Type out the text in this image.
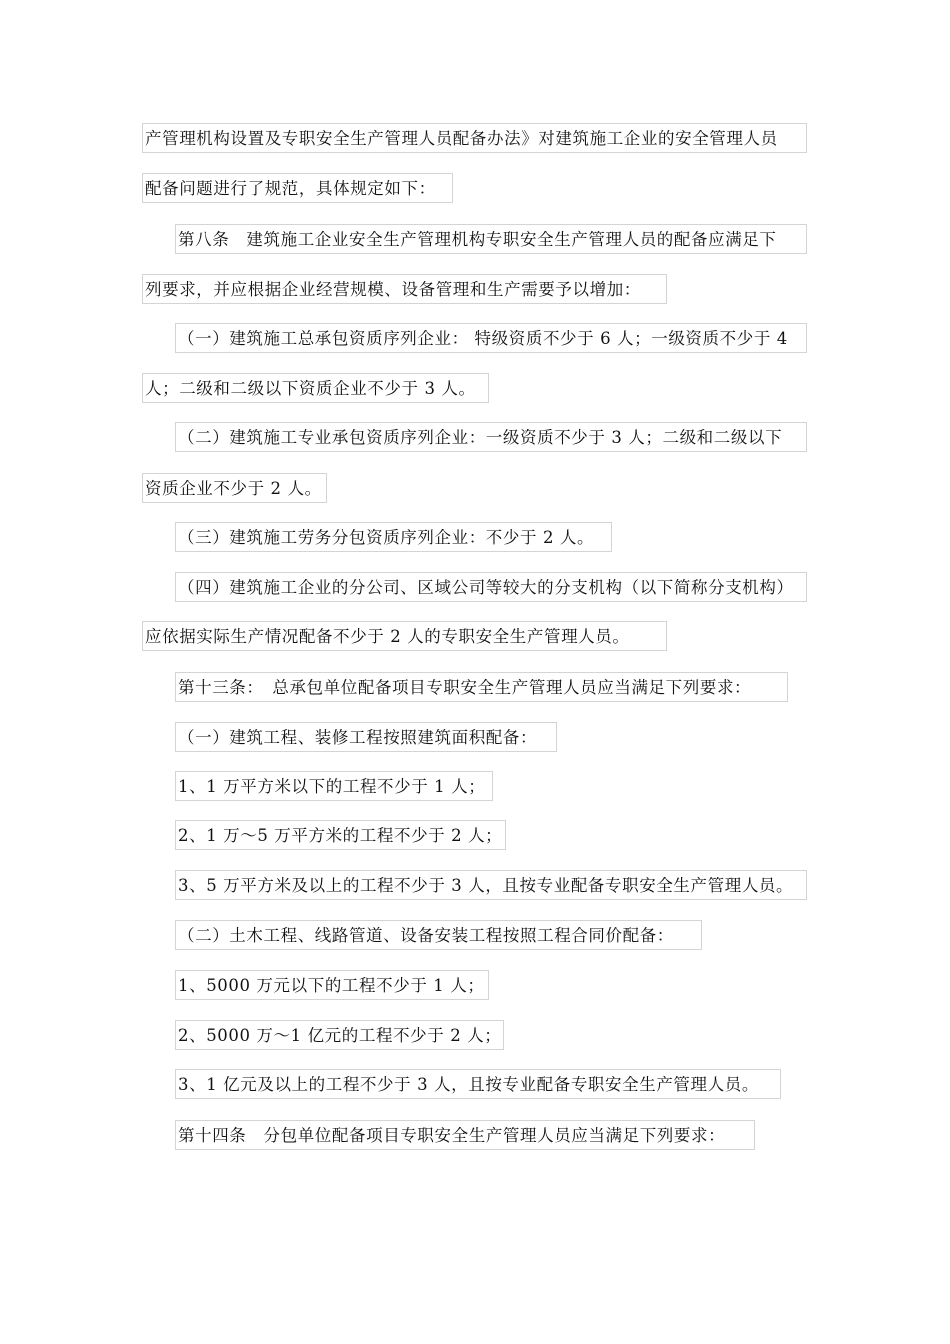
产管理机构设置及专职安全生产管理人员配备办法》对建筑施工企业的安全管理人员
配备问题进行了规范，具体规定如下：
第八条　建筑施工企业安全生产管理机构专职安全生产管理人员的配备应满足下
列要求，并应根据企业经营规模、设备管理和生产需要予以增加：
（一）建筑施工总承包资质序列企业： 特级资质不少于 6 人；一级资质不少于 4
人；二级和二级以下资质企业不少于 3 人。
（二）建筑施工专业承包资质序列企业：一级资质不少于 3 人；二级和二级以下
资质企业不少于 2 人。
（三）建筑施工劳务分包资质序列企业：不少于 2 人。
（四）建筑施工企业的分公司、区域公司等较大的分支机构（以下简称分支机构）
应依据实际生产情况配备不少于 2 人的专职安全生产管理人员。
第十三条：　总承包单位配备项目专职安全生产管理人员应当满足下列要求：
（一）建筑工程、装修工程按照建筑面积配备：
1、1 万平方米以下的工程不少于 1 人；
2、1 万～5 万平方米的工程不少于 2 人；
3、5 万平方米及以上的工程不少于 3 人，且按专业配备专职安全生产管理人员。
（二）土木工程、线路管道、设备安装工程按照工程合同价配备：
1、5000 万元以下的工程不少于 1 人；
2、5000 万～1 亿元的工程不少于 2 人；
3、1 亿元及以上的工程不少于 3 人，且按专业配备专职安全生产管理人员。
第十四条　分包单位配备项目专职安全生产管理人员应当满足下列要求：
